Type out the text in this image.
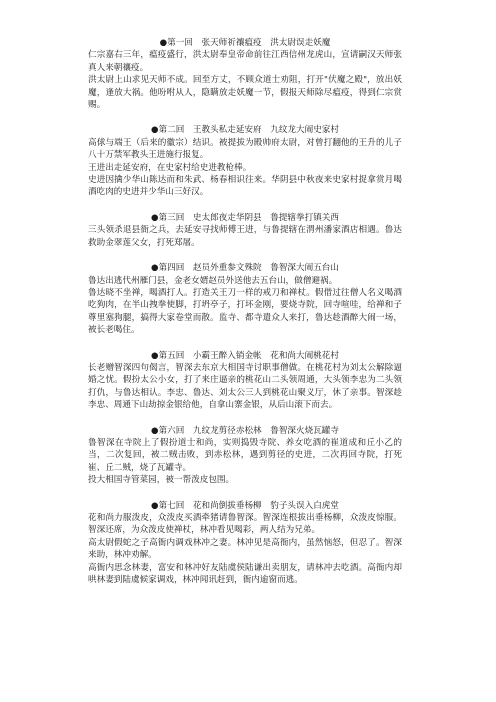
●第一回　张天师祈禳瘟疫　洪太尉误走妖魔

仁宗嘉右三年，瘟疫盛行，洪太尉奉皇帝命前往江西信州龙虎山，宣请嗣汉天师张真人来朝禳疫。

洪太尉上山求见天师不成。回至方丈，不顾众道士劝阻，打开"伏魔之殿"，放出妖魔，逢放大祸。他吩咐从人，隐瞒放走妖魔一节，假报天师除尽瘟疫，得到仁宗赏赐。

●第二回　王教头私走延安府　九纹龙大闹史家村

高俅与端王（后来的徽宗）结识。被提拔为殿帅府太尉，对曾打翻他的王升的儿子八十万禁军教头王进施行报复。

王进出走延安府，在史家村给史进教枪棒。

史进因擒少华山陈达而和朱武、杨春相识往来。华阴县中秋夜来史家村捉拿赏月喝酒吃肉的史进并少华山三好汉。

●第三回　史太郎夜走华阴县　鲁提辖拳打镇关西

三头领杀退县衙之兵，去延安寻找师傅王进，与鲁提辖在渭州潘家酒店相遇。鲁达救助金翠莲父女，打死郑屠。

●第四回　赵员外重参文殊院　鲁智深大闹五台山

鲁达出逃代州雁门县，金老女婿赵员外送他去五台山，做僧避祸。

鲁达晓不坐禅，喝酒打人。打造关王刀一样的戒刀和禅杖。假借过往僧人名义喝酒吃狗肉，在半山拽拳使脚，打坍亭子，打坏金刚，要烧寺院，回寺喧哇，给禅和子尊里塞狗腿，搞得大家卷堂而散。监寺、都寺遣众人来打，鲁达趁酒醉大闹一场，被长老喝住。

●第五回　小霸王醉入销金帐　花和尚大闹桃花村

长老赠智深四句偈言，智深去东京大相国寺讨职事僧做。在桃花村为刘太公解除逼婚之忧。假扮太公小女，打了来庄逼亲的桃花山二头领周通，大头领李忠为二头领打仇，与鲁达相认。李忠、鲁达、刘太公三人到桃花山聚义厅，休了亲事。智深趁李忠、周通下山劫掠金银给他，自拿山寨金银，从后山滚下而去。

●第六回　九纹龙剪径赤松林　鲁智深火烧瓦罐寺

鲁智深在寺院上了假扮道士和尚，实则捣毁寺院、养女吃酒的崔道成和丘小乙的当，二次复回，被二贼击败，到赤松林，遇到剪径的史进，二次再回寺院，打死崔、丘二贼，烧了瓦罐寺。

投大相国寺管菜园，被一帮泼皮包围。

●第七回　花和尚倒拔垂杨柳　豹子头误入白虎堂

花和尚力服泼皮，众泼皮买酒牵猪请鲁智深。智深连根拔出垂杨柳，众泼皮惊服。智深还席，为众泼皮使禅杖，林冲看见喝彩，两人结为兄弟。

高太尉假蛇之子高衙内调戏林冲之妻。林冲见是高衙内，虽然恼怒，但忍了。智深来助，林冲劝解。

高衙内思念林妻，富安和林冲好友陆虞侯陆谦出卖朋友，请林冲去吃酒。高衙内却哄林妻到陆虞候家调戏，林冲闻讯赶到，衙内逾窗而逃。
